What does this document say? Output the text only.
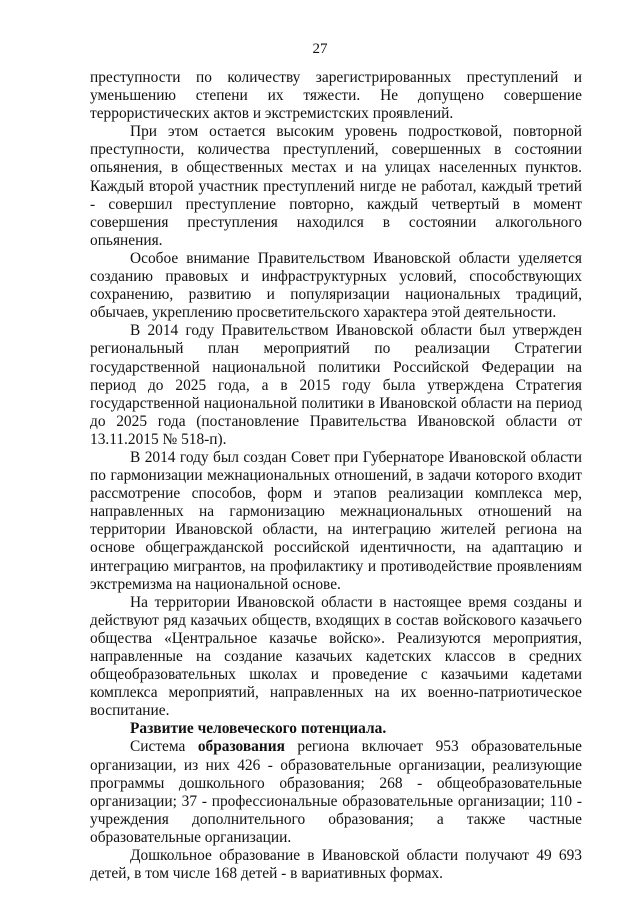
27

преступности по количеству зарегистрированных преступлений и уменьшению степени их тяжести. Не допущено совершение террористических актов и экстремистских проявлений.

При этом остается высоким уровень подростковой, повторной преступности, количества преступлений, совершенных в состоянии опьянения, в общественных местах и на улицах населенных пунктов. Каждый второй участник преступлений нигде не работал, каждый третий - совершил преступление повторно, каждый четвертый в момент совершения преступления находился в состоянии алкогольного опьянения.

Особое внимание Правительством Ивановской области уделяется созданию правовых и инфраструктурных условий, способствующих сохранению, развитию и популяризации национальных традиций, обычаев, укреплению просветительского характера этой деятельности.

В 2014 году Правительством Ивановской области был утвержден региональный план мероприятий по реализации Стратегии государственной национальной политики Российской Федерации на период до 2025 года, а в 2015 году была утверждена Стратегия государственной национальной политики в Ивановской области на период до 2025 года (постановление Правительства Ивановской области от 13.11.2015 № 518-п).

В 2014 году был создан Совет при Губернаторе Ивановской области по гармонизации межнациональных отношений, в задачи которого входит рассмотрение способов, форм и этапов реализации комплекса мер, направленных на гармонизацию межнациональных отношений на территории Ивановской области, на интеграцию жителей региона на основе общегражданской российской идентичности, на адаптацию и интеграцию мигрантов, на профилактику и противодействие проявлениям экстремизма на национальной основе.

На территории Ивановской области в настоящее время созданы и действуют ряд казачьих обществ, входящих в состав войскового казачьего общества «Центральное казачье войско». Реализуются мероприятия, направленные на создание казачьих кадетских классов в средних общеобразовательных школах и проведение с казачьими кадетами комплекса мероприятий, направленных на их военно-патриотическое воспитание.

Развитие человеческого потенциала.

Система образования региона включает 953 образовательные организации, из них 426 - образовательные организации, реализующие программы дошкольного образования; 268 - общеобразовательные организации; 37 - профессиональные образовательные организации; 110 - учреждения дополнительного образования; а также частные образовательные организации.

Дошкольное образование в Ивановской области получают 49 693 детей, в том числе 168 детей - в вариативных формах.
